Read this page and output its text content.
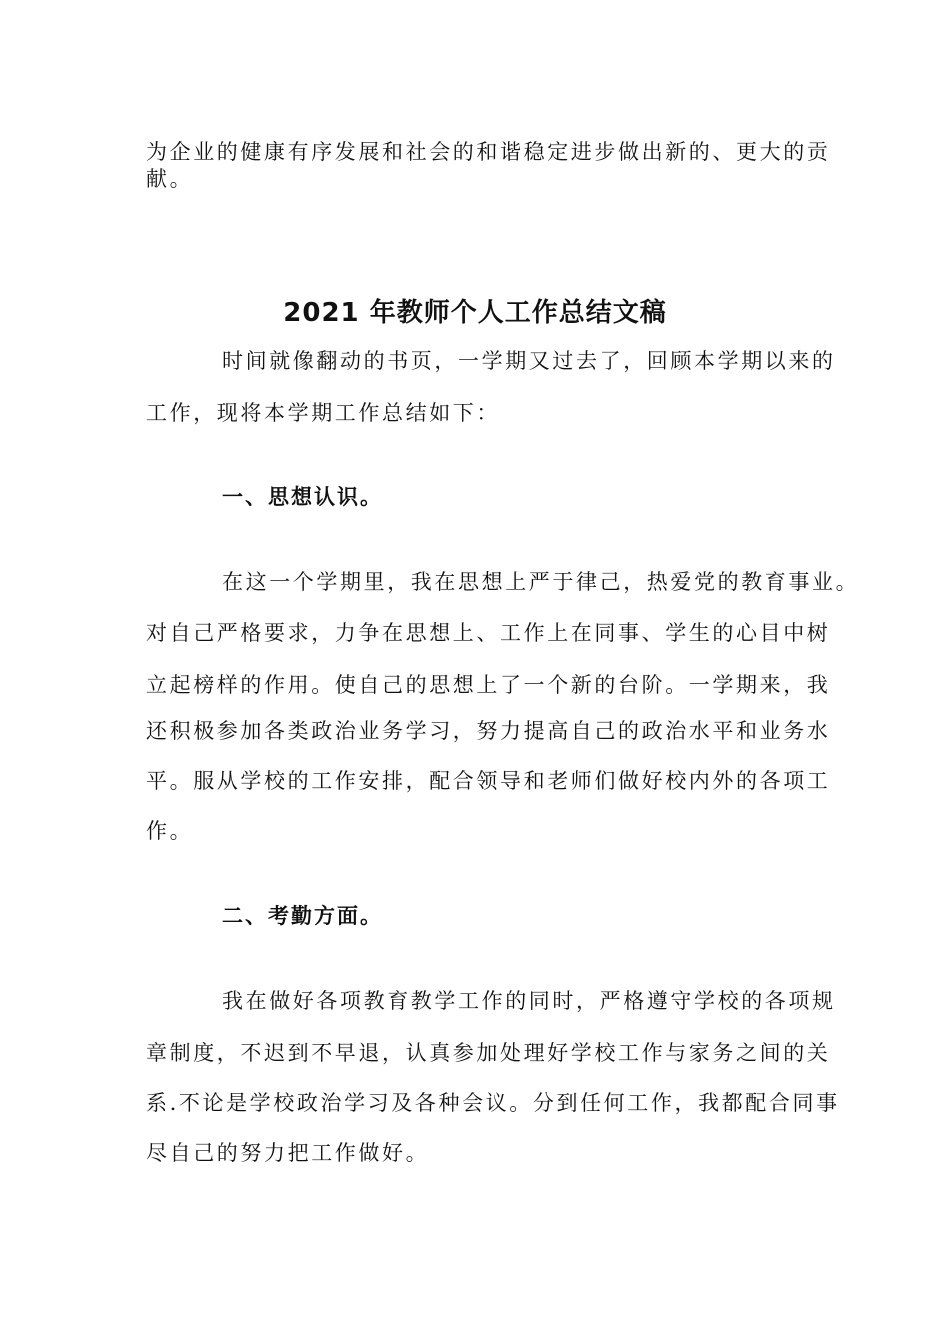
为企业的健康有序发展和社会的和谐稳定进步做出新的、更大的贡
献。
2021 年教师个人工作总结文稿
时间就像翻动的书页，一学期又过去了，回顾本学期以来的
工作，现将本学期工作总结如下：
一、思想认识。
在这一个学期里，我在思想上严于律己，热爱党的教育事业。
对自己严格要求，力争在思想上、工作上在同事、学生的心目中树
立起榜样的作用。使自己的思想上了一个新的台阶。一学期来，我
还积极参加各类政治业务学习，努力提高自己的政治水平和业务水
平。服从学校的工作安排，配合领导和老师们做好校内外的各项工
作。
二、考勤方面。
我在做好各项教育教学工作的同时，严格遵守学校的各项规
章制度，不迟到不早退，认真参加处理好学校工作与家务之间的关
系.不论是学校政治学习及各种会议。分到任何工作，我都配合同事
尽自己的努力把工作做好。
